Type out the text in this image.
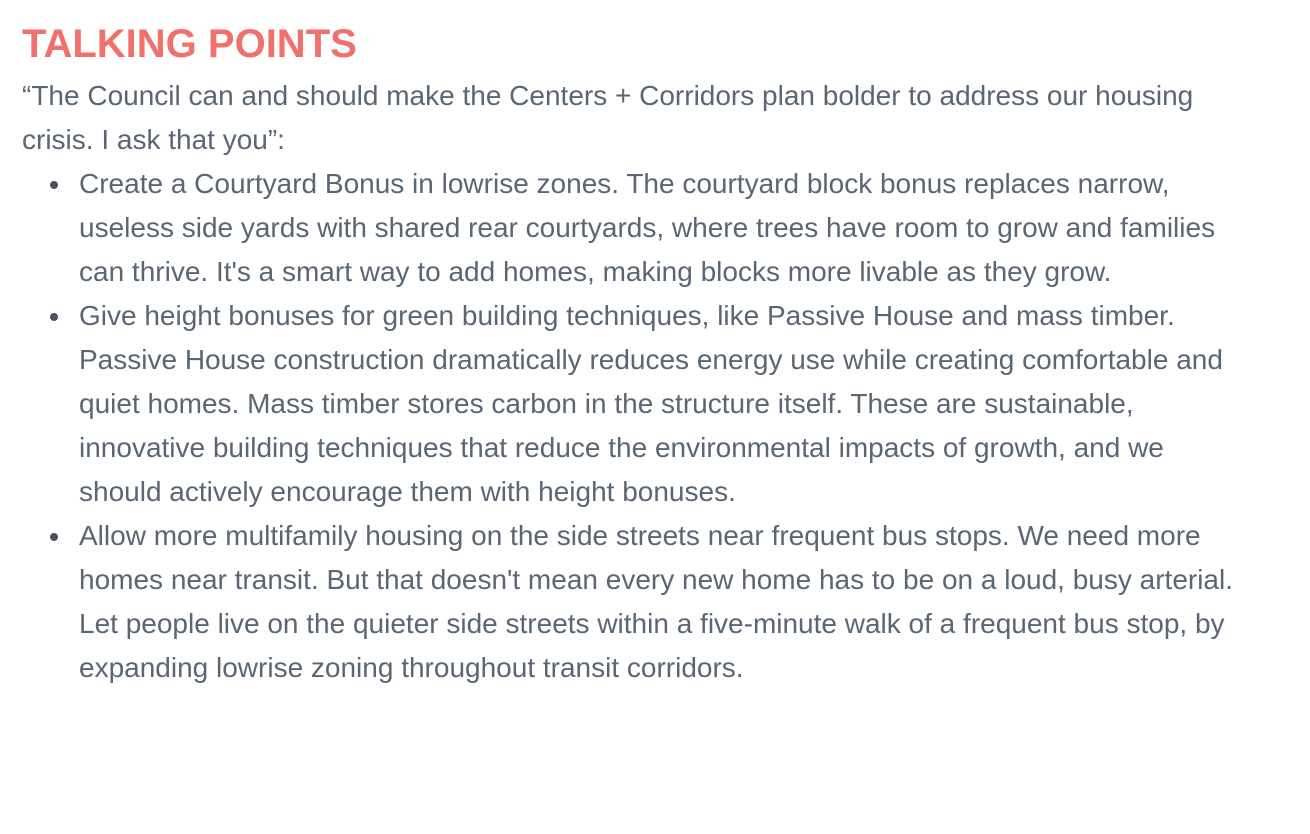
TALKING POINTS

“The Council can and should make the Centers + Corridors plan bolder to address our housing crisis. I ask that you”:

• Create a Courtyard Bonus in lowrise zones. The courtyard block bonus replaces narrow, useless side yards with shared rear courtyards, where trees have room to grow and families can thrive. It's a smart way to add homes, making blocks more livable as they grow.
• Give height bonuses for green building techniques, like Passive House and mass timber. Passive House construction dramatically reduces energy use while creating comfortable and quiet homes. Mass timber stores carbon in the structure itself. These are sustainable, innovative building techniques that reduce the environmental impacts of growth, and we should actively encourage them with height bonuses.
• Allow more multifamily housing on the side streets near frequent bus stops. We need more homes near transit. But that doesn't mean every new home has to be on a loud, busy arterial. Let people live on the quieter side streets within a five-minute walk of a frequent bus stop, by expanding lowrise zoning throughout transit corridors.
